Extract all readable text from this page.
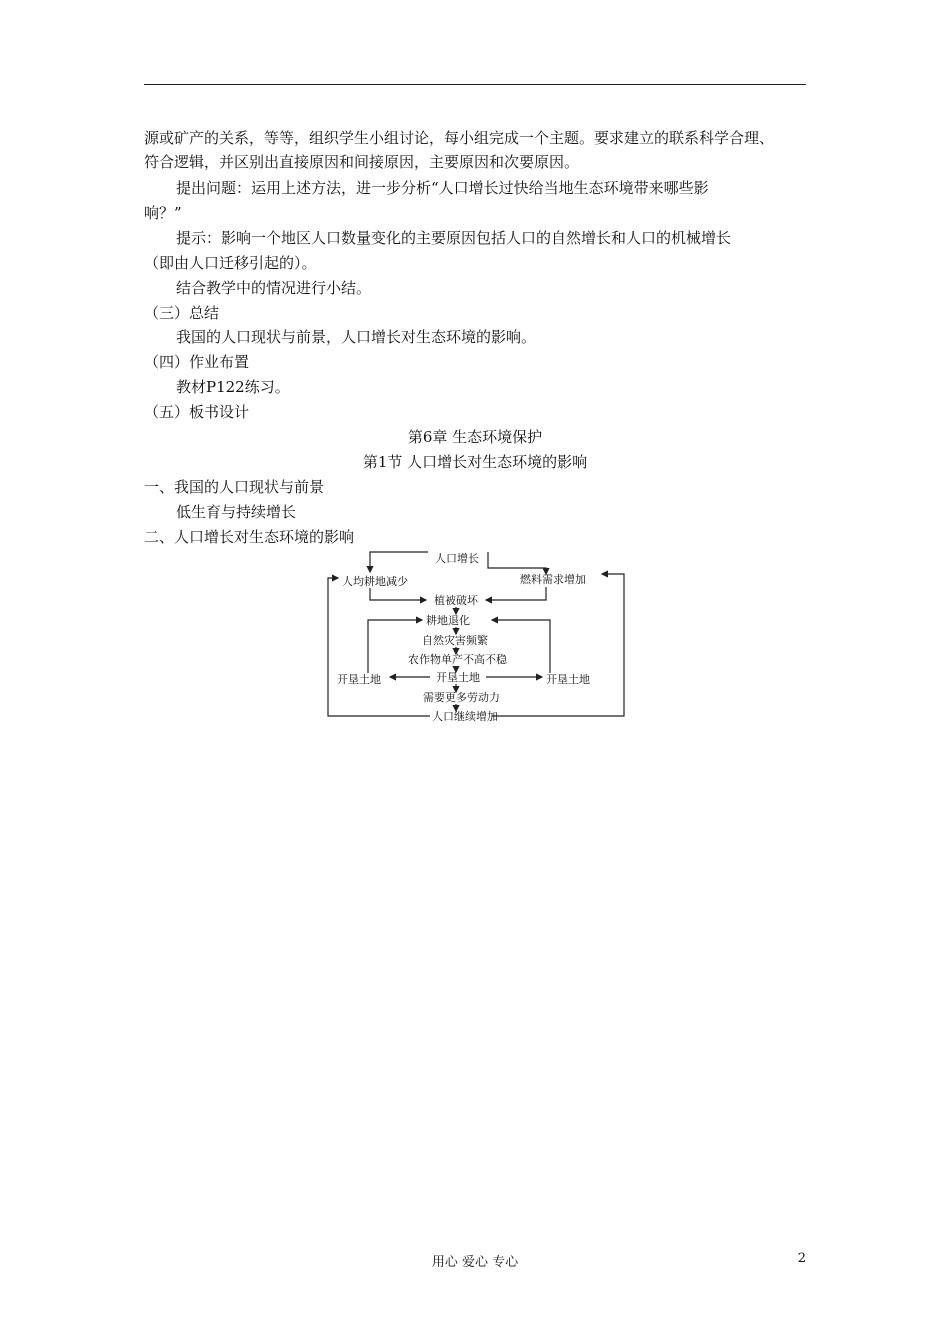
源或矿产的关系，等等，组织学生小组讨论，每小组完成一个主题。要求建立的联系科学合理、
符合逻辑，并区别出直接原因和间接原因，主要原因和次要原因。
提出问题：运用上述方法，进一步分析“人口增长过快给当地生态环境带来哪些影
响？”
提示：影响一个地区人口数量变化的主要原因包括人口的自然增长和人口的机械增长
（即由人口迁移引起的）。
结合教学中的情况进行小结。
（三）总结
我国的人口现状与前景，人口增长对生态环境的影响。
（四）作业布置
教材P122练习。
（五）板书设计
第6章 生态环境保护
第1节 人口增长对生态环境的影响
一、我国的人口现状与前景
低生育与持续增长
二、人口增长对生态环境的影响
人口增长
人均耕地减少	燃料需求增加
植被破坏
耕地退化
自然灾害频繁
农作物单产不高不稳
开垦土地
开垦土地	开垦土地
需要更多劳动力
人口继续增加
用心 爱心 专心	2
